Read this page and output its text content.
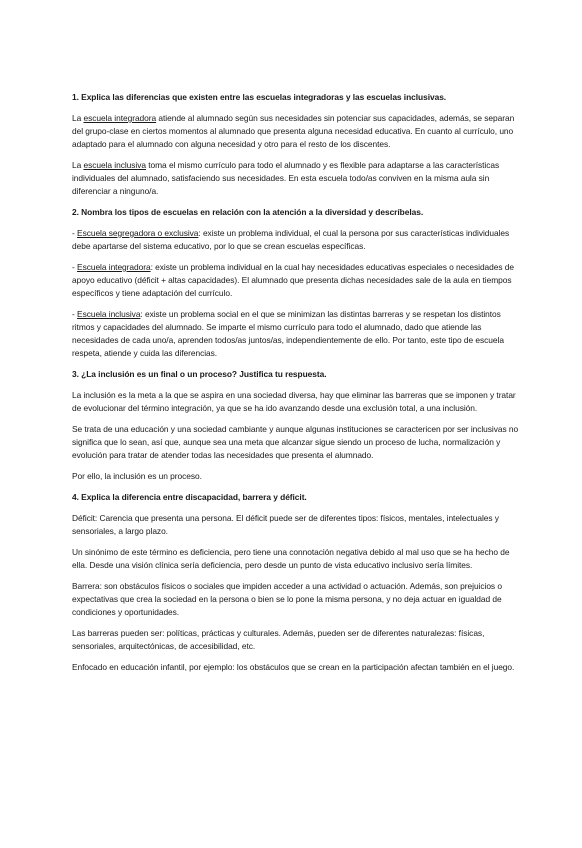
1. Explica las diferencias que existen entre las escuelas integradoras y las escuelas inclusivas.

La escuela integradora atiende al alumnado según sus necesidades sin potenciar sus capacidades, además, se separan del grupo-clase en ciertos momentos al alumnado que presenta alguna necesidad educativa. En cuanto al currículo, uno adaptado para el alumnado con alguna necesidad y otro para el resto de los discentes.

La escuela inclusiva toma el mismo currículo para todo el alumnado y es flexible para adaptarse a las características individuales del alumnado, satisfaciendo sus necesidades. En esta escuela todo/as conviven en la misma aula sin diferenciar a ninguno/a.

2. Nombra los tipos de escuelas en relación con la atención a la diversidad y descríbelas.

- Escuela segregadora o exclusiva: existe un problema individual, el cual la persona por sus características individuales debe apartarse del sistema educativo, por lo que se crean escuelas específicas.

- Escuela integradora: existe un problema individual en la cual hay necesidades educativas especiales o necesidades de apoyo educativo (déficit + altas capacidades). El alumnado que presenta dichas necesidades sale de la aula en tiempos específicos y tiene adaptación del currículo.

- Escuela inclusiva: existe un problema social en el que se minimizan las distintas barreras y se respetan los distintos ritmos y capacidades del alumnado. Se imparte el mismo currículo para todo el alumnado, dado que atiende las necesidades de cada uno/a, aprenden todos/as juntos/as, independientemente de ello. Por tanto, este tipo de escuela respeta, atiende y cuida las diferencias.

3. ¿La inclusión es un final o un proceso? Justifica tu respuesta.

La inclusión es la meta a la que se aspira en una sociedad diversa, hay que eliminar las barreras que se imponen y tratar de evolucionar del término integración, ya que se ha ido avanzando desde una exclusión total, a una inclusión.

Se trata de una educación y una sociedad cambiante y aunque algunas instituciones se caractericen por ser inclusivas no significa que lo sean, así que, aunque sea una meta que alcanzar sigue siendo un proceso de lucha, normalización y evolución para tratar de atender todas las necesidades que presenta el alumnado.

Por ello, la inclusión es un proceso.

4. Explica la diferencia entre discapacidad, barrera y déficit.

Déficit: Carencia que presenta una persona. El déficit puede ser de diferentes tipos: físicos, mentales, intelectuales y sensoriales, a largo plazo.

Un sinónimo de este término es deficiencia, pero tiene una connotación negativa debido al mal uso que se ha hecho de ella. Desde una visión clínica sería deficiencia, pero desde un punto de vista educativo inclusivo sería límites.

Barrera: son obstáculos físicos o sociales que impiden acceder a una actividad o actuación. Además, son prejuicios o expectativas que crea la sociedad en la persona o bien se lo pone la misma persona, y no deja actuar en igualdad de condiciones y oportunidades.

Las barreras pueden ser: políticas, prácticas y culturales. Además, pueden ser de diferentes naturalezas: físicas, sensoriales, arquitectónicas, de accesibilidad, etc.

Enfocado en educación infantil, por ejemplo: los obstáculos que se crean en la participación afectan también en el juego.
